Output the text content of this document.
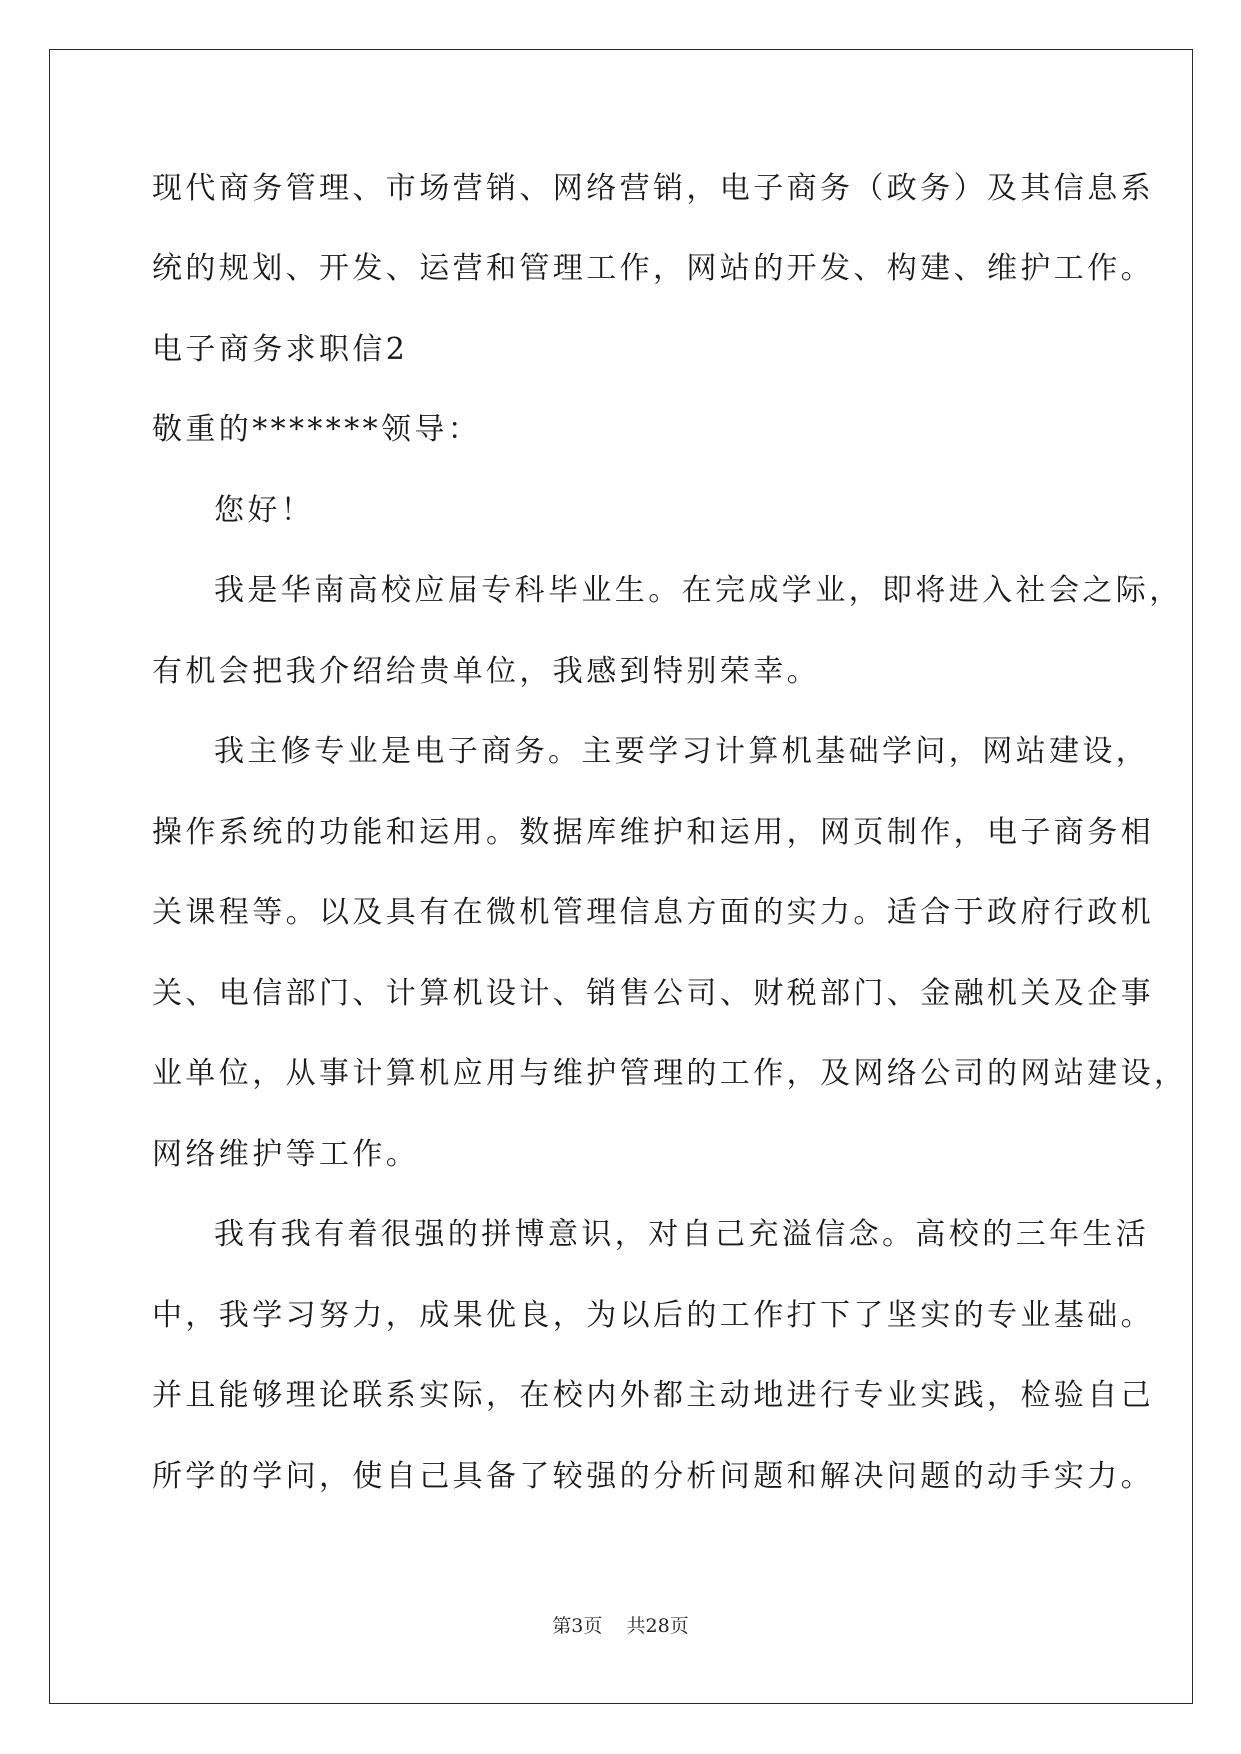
现代商务管理、市场营销、网络营销，电子商务（政务）及其信息系
统的规划、开发、运营和管理工作，网站的开发、构建、维护工作。
电子商务求职信2
敬重的*******领导：
您好！
我是华南高校应届专科毕业生。在完成学业，即将进入社会之际，
有机会把我介绍给贵单位，我感到特别荣幸。
我主修专业是电子商务。主要学习计算机基础学问，网站建设，
操作系统的功能和运用。数据库维护和运用，网页制作，电子商务相
关课程等。以及具有在微机管理信息方面的实力。适合于政府行政机
关、电信部门、计算机设计、销售公司、财税部门、金融机关及企事
业单位，从事计算机应用与维护管理的工作，及网络公司的网站建设，
网络维护等工作。
我有我有着很强的拼博意识，对自己充溢信念。高校的三年生活
中，我学习努力，成果优良，为以后的工作打下了坚实的专业基础。
并且能够理论联系实际，在校内外都主动地进行专业实践，检验自己
所学的学问，使自己具备了较强的分析问题和解决问题的动手实力。
第3页    共28页
